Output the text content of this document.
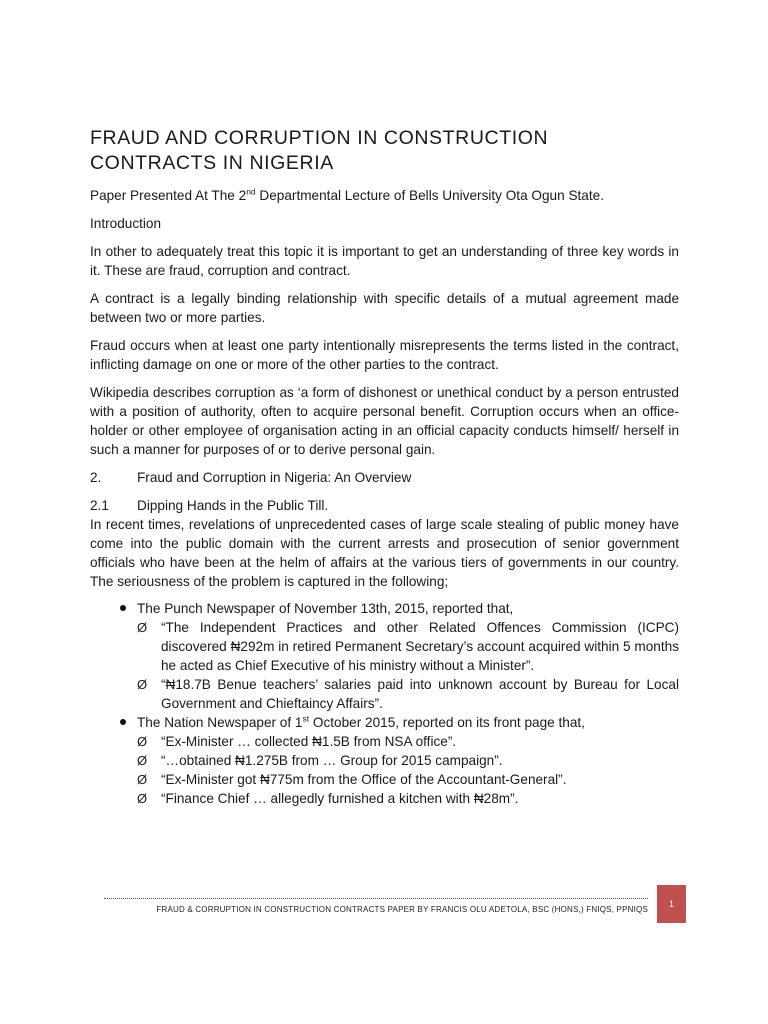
FRAUD AND CORRUPTION IN CONSTRUCTION CONTRACTS IN NIGERIA

Paper Presented At The 2nd Departmental Lecture of Bells University Ota Ogun State.

Introduction

In other to adequately treat this topic it is important to get an understanding of three key words in it. These are fraud, corruption and contract.

A contract is a legally binding relationship with specific details of a mutual agreement made between two or more parties.

Fraud occurs when at least one party intentionally misrepresents the terms listed in the contract, inflicting damage on one or more of the other parties to the contract.

Wikipedia describes corruption as ‘a form of dishonest or unethical conduct by a person entrusted with a position of authority, often to acquire personal benefit. Corruption occurs when an office-holder or other employee of organisation acting in an official capacity conducts himself/ herself in such a manner for purposes of or to derive personal gain.

2.	Fraud and Corruption in Nigeria: An Overview
2.1	Dipping Hands in the Public Till.

In recent times, revelations of unprecedented cases of large scale stealing of public money have come into the public domain with the current arrests and prosecution of senior government officials who have been at the helm of affairs at the various tiers of governments in our country. The seriousness of the problem is captured in the following;

The Punch Newspaper of November 13th, 2015, reported that,
Ø “The Independent Practices and other Related Offences Commission (ICPC) discovered ₦292m in retired Permanent Secretary’s account acquired within 5 months he acted as Chief Executive of his ministry without a Minister”.
Ø “₦18.7B Benue teachers’ salaries paid into unknown account by Bureau for Local Government and Chieftaincy Affairs”.
The Nation Newspaper of 1st October 2015, reported on its front page that,
Ø “Ex-Minister … collected ₦1.5B from NSA office”.
Ø “…obtained ₦1.275B from … Group for 2015 campaign”.
Ø “Ex-Minister got ₦775m from the Office of the Accountant-General”.
Ø “Finance Chief … allegedly furnished a kitchen with ₦28m”.
FRAUD & CORRUPTION IN CONSTRUCTION CONTRACTS PAPER BY FRANCIS OLU ADETOLA, BSC (HONS,) FNIQS, PPNIQS
1
